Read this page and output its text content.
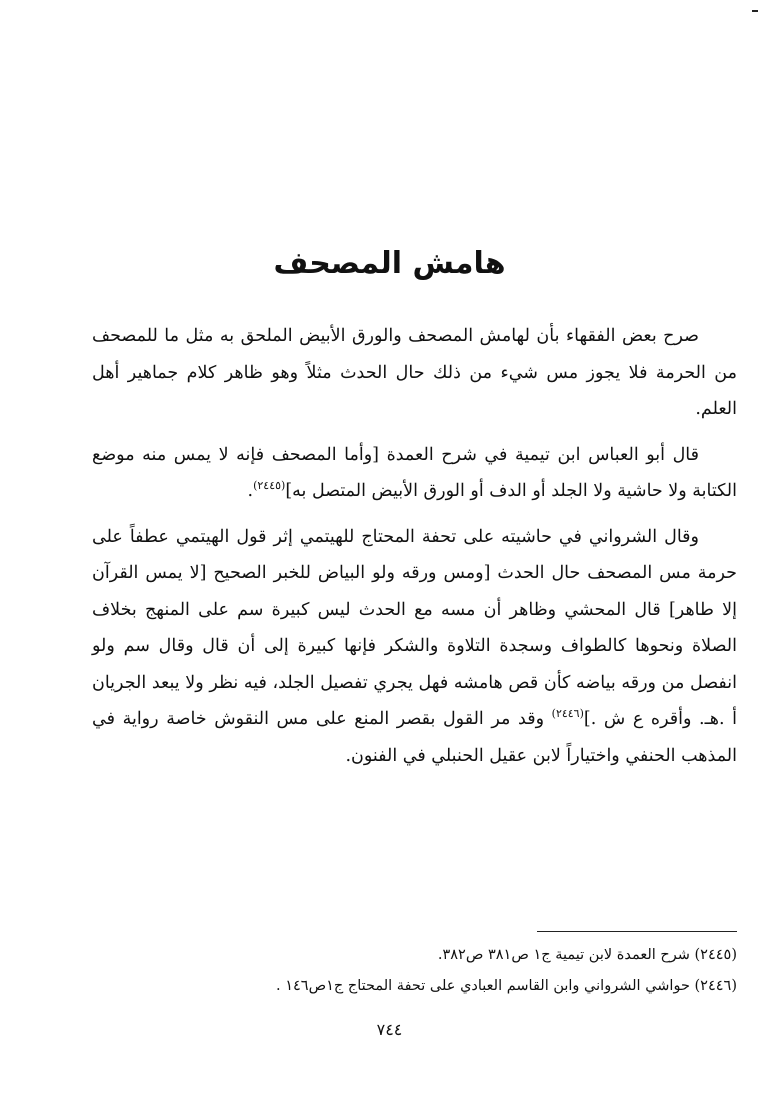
هامش المصحف

صرح بعض الفقهاء بأن لهامش المصحف والورق الأبيض الملحق به مثل ما للمصحف من الحرمة فلا يجوز مس شيء من ذلك حال الحدث مثلاً وهو ظاهر كلام جماهير أهل العلم.

قال أبو العباس ابن تيمية في شرح العمدة [وأما المصحف فإنه لا يمس منه موضع الكتابة ولا حاشية ولا الجلد أو الدف أو الورق الأبيض المتصل به]$^{(٢٤٤٥)}$.

وقال الشرواني في حاشيته على تحفة المحتاج للهيتمي إثر قول الهيتمي عطفاً على حرمة مس المصحف حال الحدث [ومس ورقه ولو البياض للخبر الصحيح [لا يمس القرآن إلا طاهر] قال المحشي وظاهر أن مسه مع الحدث ليس كبيرة سم على المنهج بخلاف الصلاة ونحوها كالطواف وسجدة التلاوة والشكر فإنها كبيرة إلى أن قال وقال سم ولو انفصل من ورقه بياضه كأن قص هامشه فهل يجري تفصيل الجلد، فيه نظر ولا يبعد الجريان أ .هـ. وأقره ع ش .]$^{(٢٤٤٦)}$ وقد مر القول بقصر المنع على مس النقوش خاصة رواية في المذهب الحنفي واختياراً لابن عقيل الحنبلي في الفنون.

(٢٤٤٥) شرح العمدة لابن تيمية ج١ ص٣٨١ ص٣٨٢.

(٢٤٤٦) حواشي الشرواني وابن القاسم العبادي على تحفة المحتاج ج١ص١٤٦ .

٧٤٤
